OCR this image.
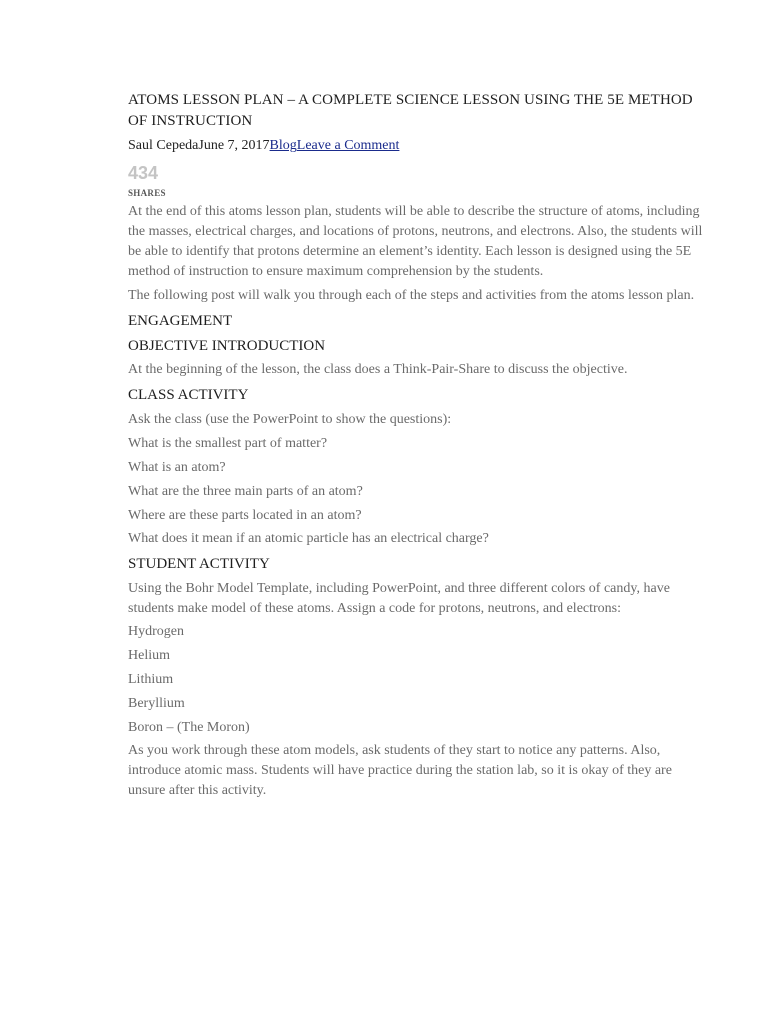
ATOMS LESSON PLAN – A COMPLETE SCIENCE LESSON USING THE 5E METHOD OF INSTRUCTION

Saul CepedaJune 7, 2017BlogLeave a Comment

434
SHARES

At the end of this atoms lesson plan, students will be able to describe the structure of atoms, including the masses, electrical charges, and locations of protons, neutrons, and electrons. Also, the students will be able to identify that protons determine an element’s identity. Each lesson is designed using the 5E method of instruction to ensure maximum comprehension by the students.

The following post will walk you through each of the steps and activities from the atoms lesson plan.

ENGAGEMENT
OBJECTIVE INTRODUCTION

At the beginning of the lesson, the class does a Think-Pair-Share to discuss the objective.

CLASS ACTIVITY

Ask the class (use the PowerPoint to show the questions):

What is the smallest part of matter?

What is an atom?

What are the three main parts of an atom?

Where are these parts located in an atom?

What does it mean if an atomic particle has an electrical charge?

STUDENT ACTIVITY

Using the Bohr Model Template, including PowerPoint, and three different colors of candy, have students make model of these atoms. Assign a code for protons, neutrons, and electrons:

Hydrogen

Helium

Lithium

Beryllium

Boron – (The Moron)

As you work through these atom models, ask students of they start to notice any patterns. Also, introduce atomic mass. Students will have practice during the station lab, so it is okay of they are unsure after this activity.
